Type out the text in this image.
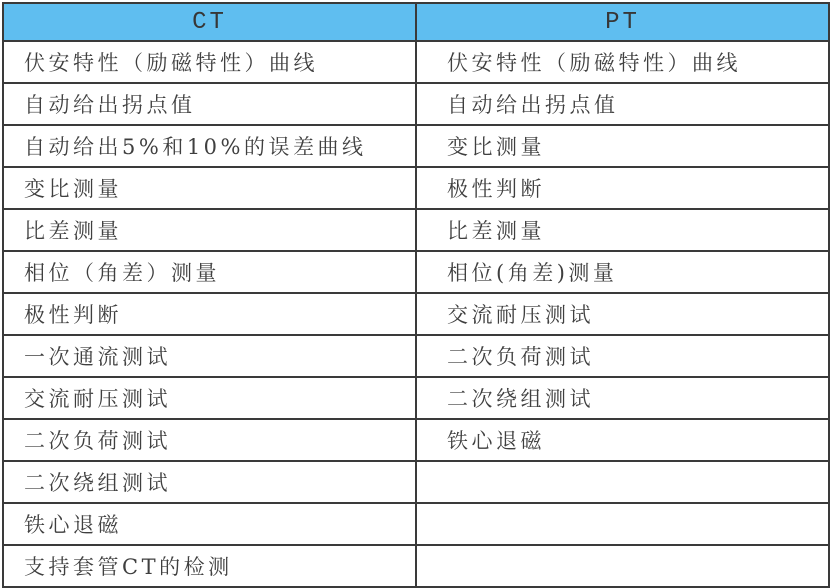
CT	PT
伏安特性（励磁特性）曲线	伏安特性（励磁特性）曲线
自动给出拐点值	自动给出拐点值
自动给出5%和10%的误差曲线	变比测量
变比测量	极性判断
比差测量	比差测量
相位（角差）测量	相位(角差)测量
极性判断	交流耐压测试
一次通流测试	二次负荷测试
交流耐压测试	二次绕组测试
二次负荷测试	铁心退磁
二次绕组测试	
铁心退磁	
支持套管CT的检测	
